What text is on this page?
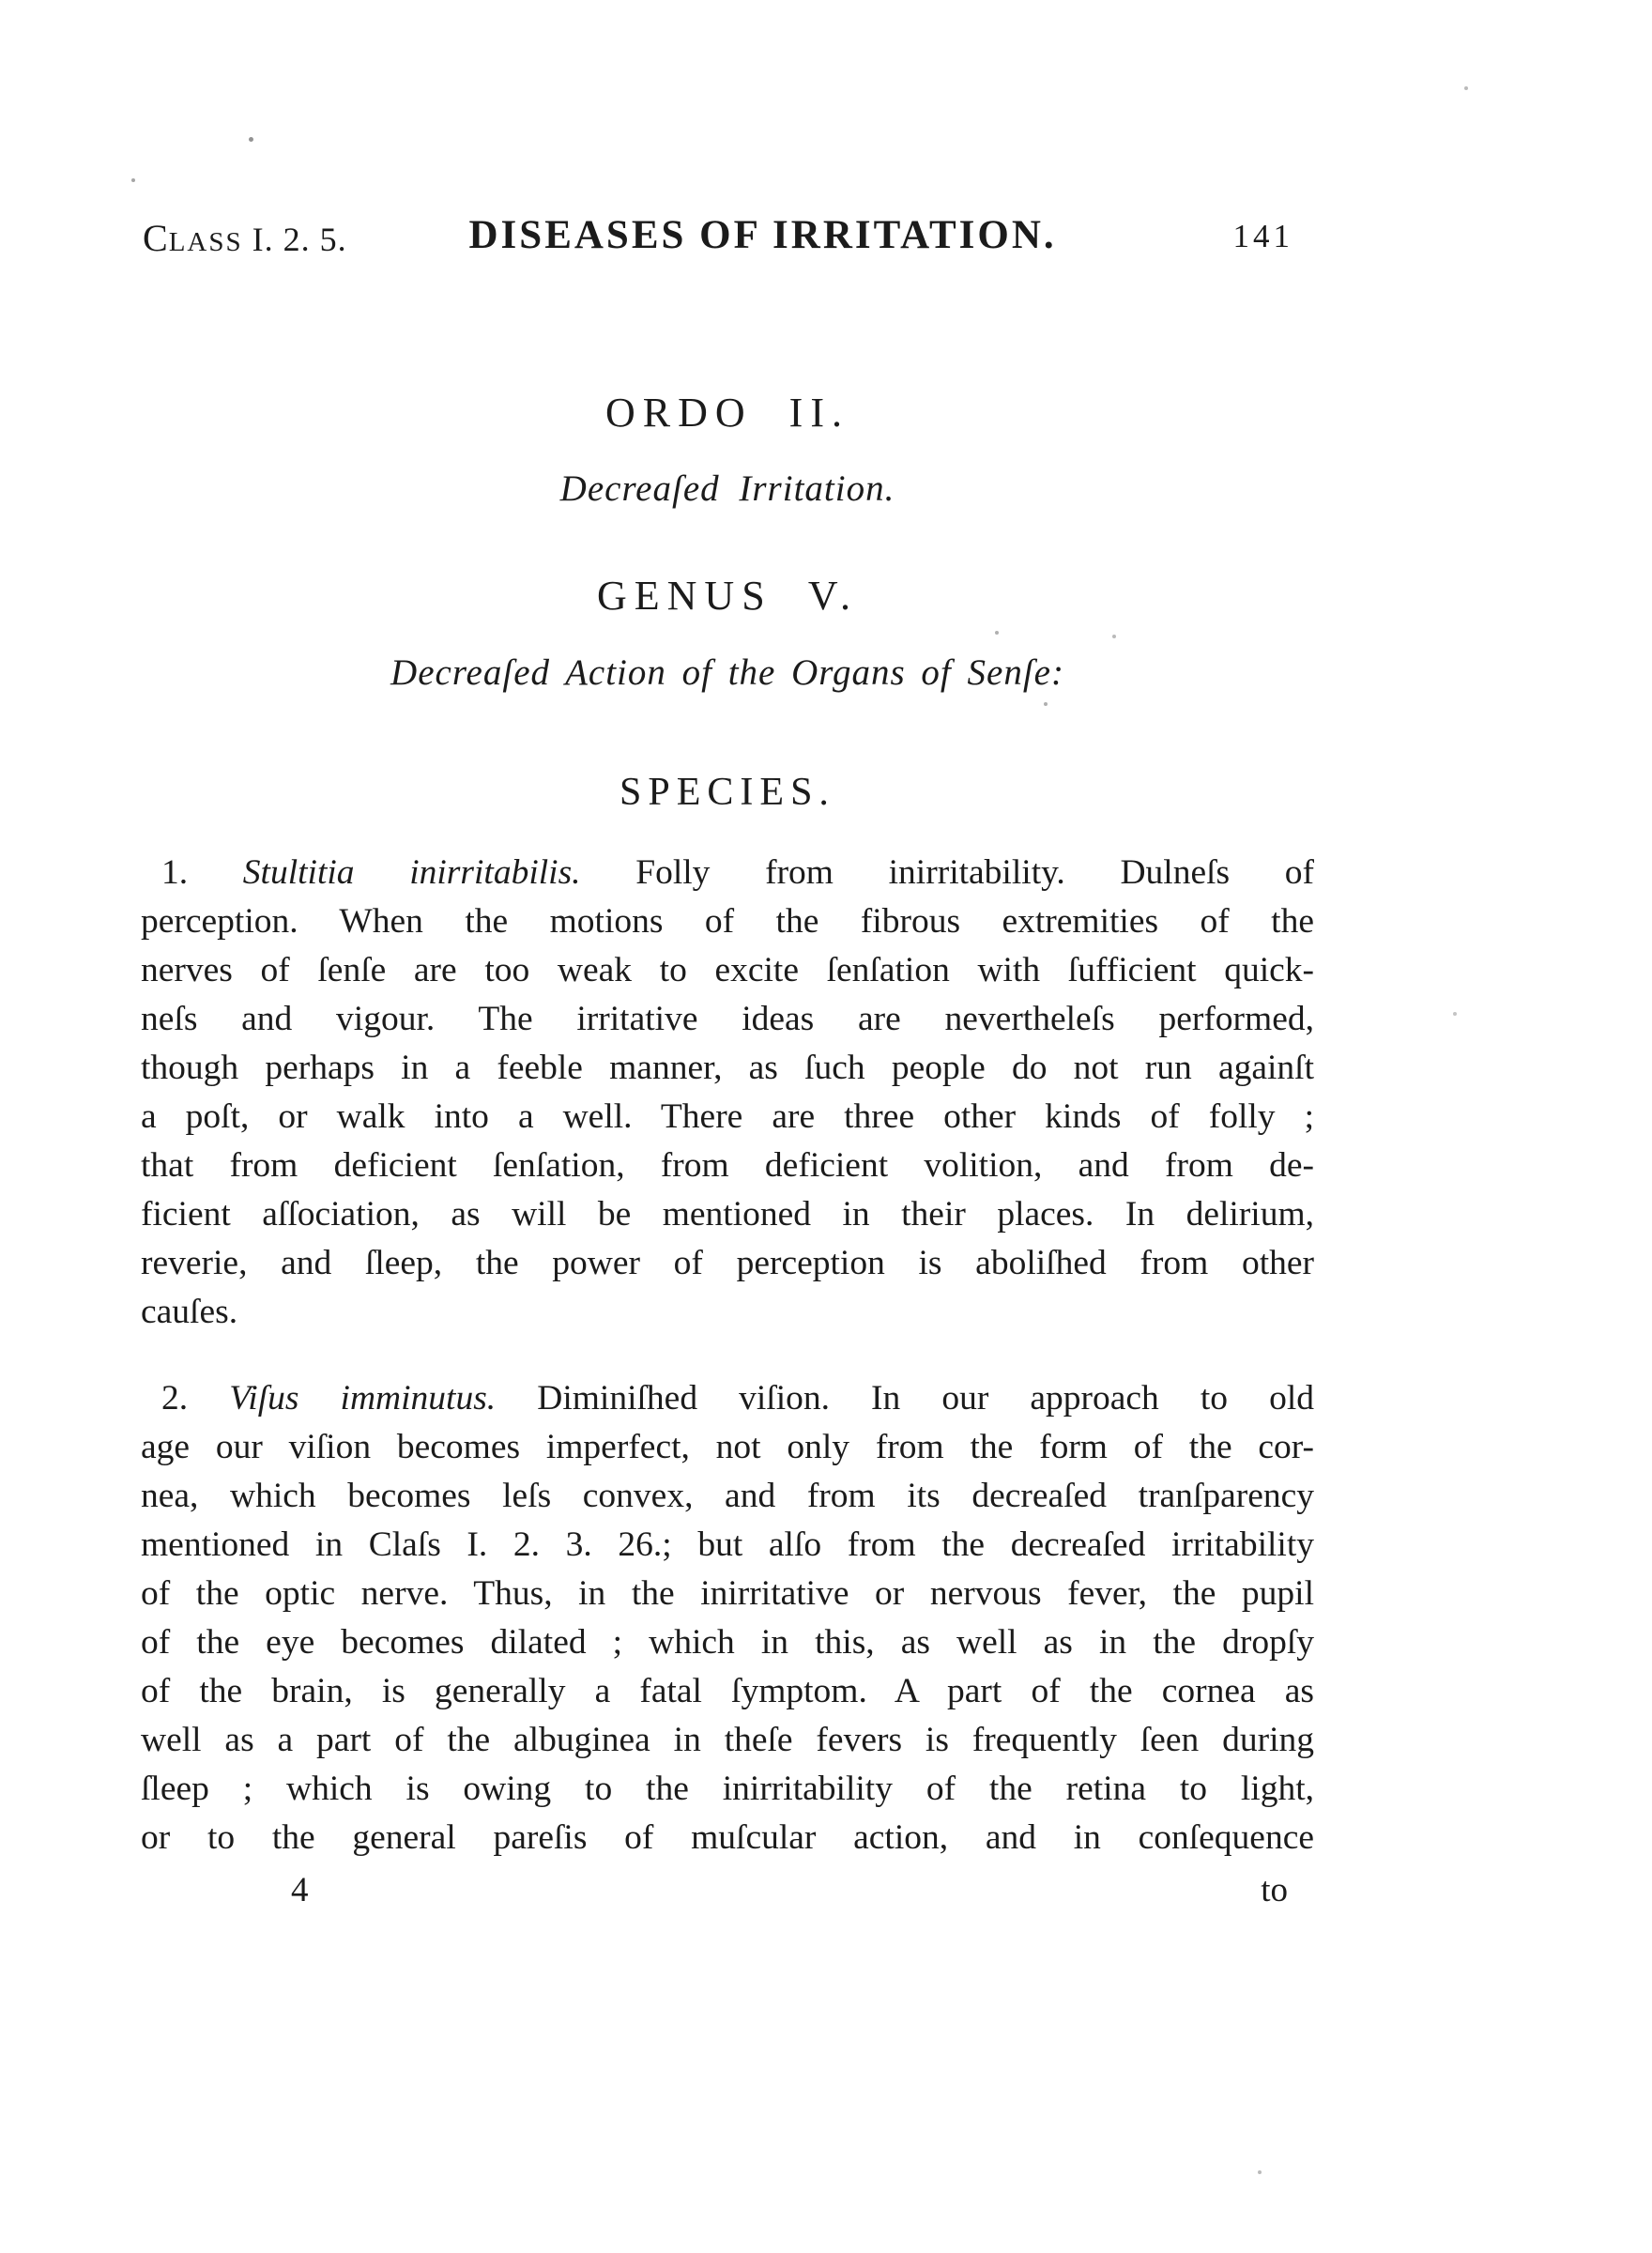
CLASS I. 2. 5.	DISEASES OF IRRITATION.	141
ORDO II.
Decreaſed Irritation.
GENUS V.
Decreaſed Action of the Organs of Senſe:
SPECIES.
1. Stultitia inirritabilis. Folly from inirritability. Dulneſs of
perception. When the motions of the fibrous extremities of the
nerves of ſenſe are too weak to excite ſenſation with ſufficient quick-
neſs and vigour. The irritative ideas are nevertheleſs performed,
though perhaps in a feeble manner, as ſuch people do not run againſt
a poſt, or walk into a well. There are three other kinds of folly ;
that from deficient ſenſation, from deficient volition, and from de-
ficient aſſociation, as will be mentioned in their places. In delirium,
reverie, and ſleep, the power of perception is aboliſhed from other
cauſes.
2. Viſus imminutus. Diminiſhed viſion. In our approach to old
age our viſion becomes imperfect, not only from the form of the cor-
nea, which becomes leſs convex, and from its decreaſed tranſparency
mentioned in Claſs I. 2. 3. 26.; but alſo from the decreaſed irritability
of the optic nerve. Thus, in the inirritative or nervous fever, the pupil
of the eye becomes dilated ; which in this, as well as in the dropſy
of the brain, is generally a fatal ſymptom. A part of the cornea as
well as a part of the albuginea in theſe fevers is frequently ſeen during
ſleep ; which is owing to the inirritability of the retina to light,
or to the general pareſis of muſcular action, and in conſequence
4	to
